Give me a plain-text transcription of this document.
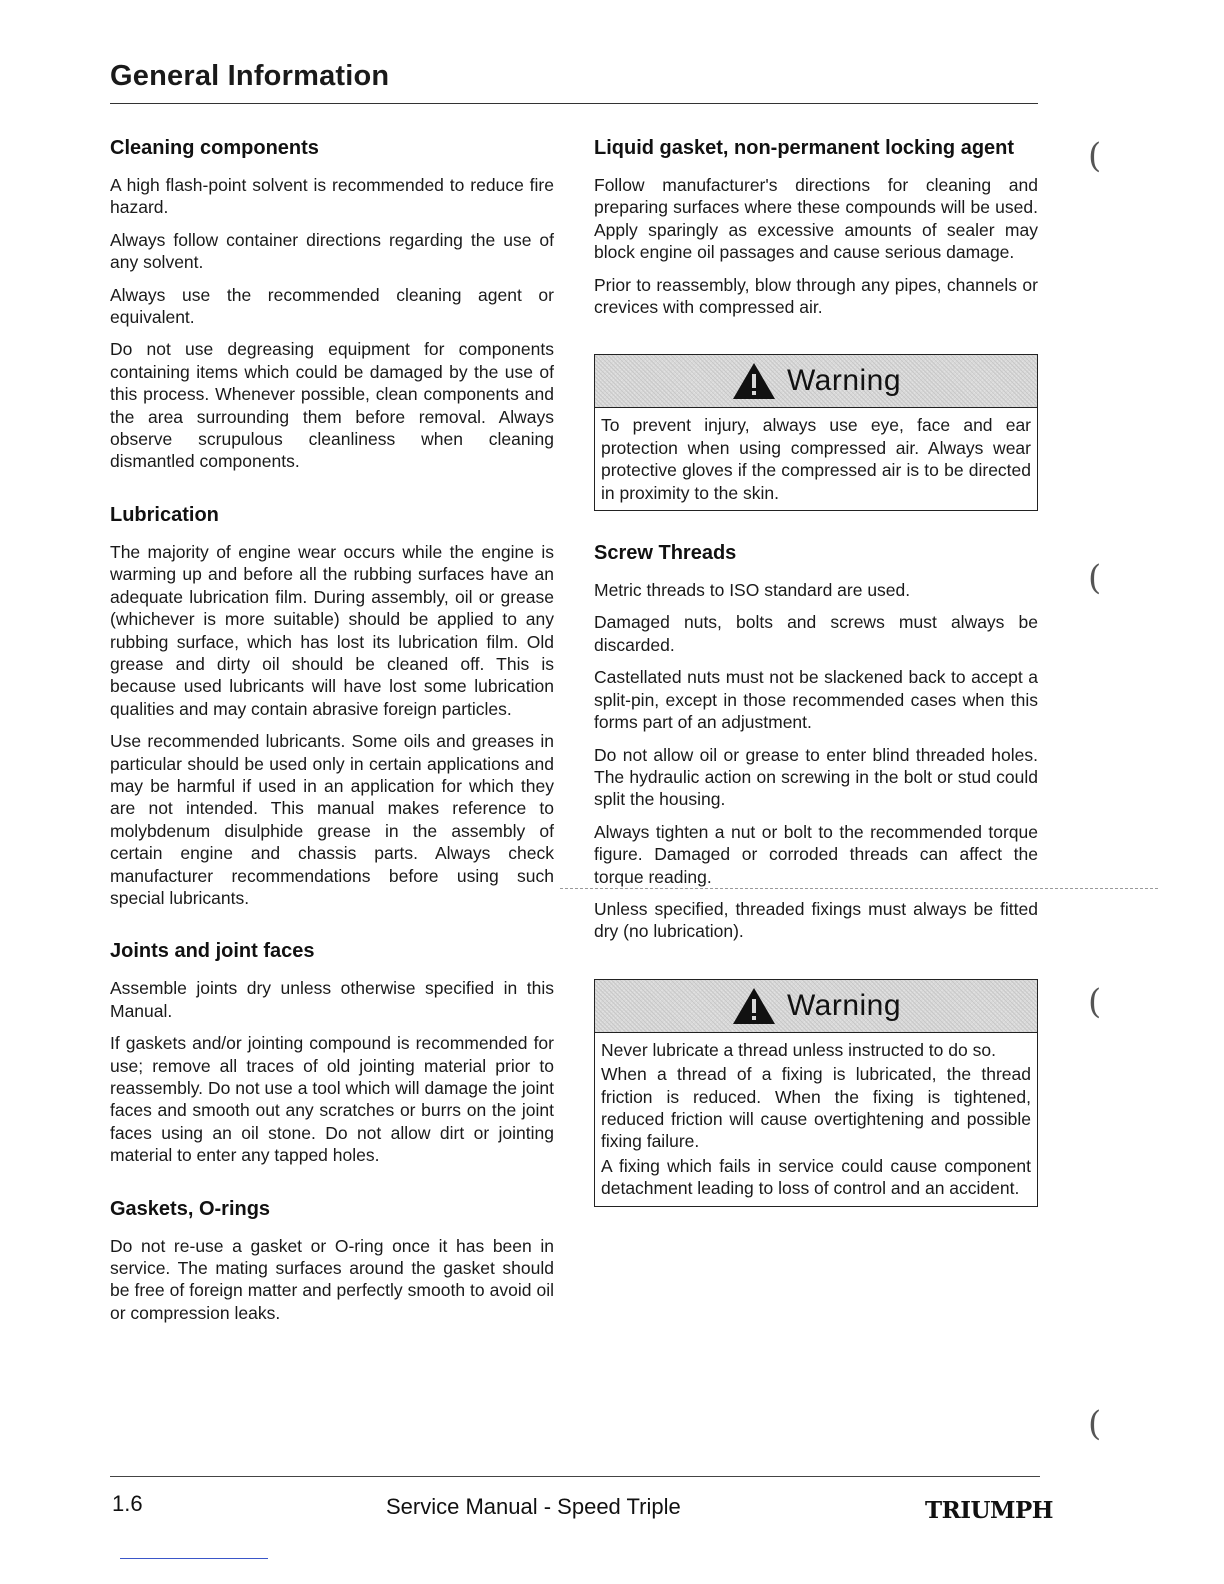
General Information
Cleaning components

A high flash-point solvent is recommended to reduce fire hazard.

Always follow container directions regarding the use of any solvent.

Always use the recommended cleaning agent or equivalent.

Do not use degreasing equipment for components containing items which could be damaged by the use of this process. Whenever possible, clean components and the area surrounding them before removal. Always observe scrupulous cleanliness when cleaning dismantled components.

Lubrication

The majority of engine wear occurs while the engine is warming up and before all the rubbing surfaces have an adequate lubrication film. During assembly, oil or grease (whichever is more suitable) should be applied to any rubbing surface, which has lost its lubrication film. Old grease and dirty oil should be cleaned off. This is because used lubricants will have lost some lubrication qualities and may contain abrasive foreign particles.

Use recommended lubricants. Some oils and greases in particular should be used only in certain applications and may be harmful if used in an application for which they are not intended. This manual makes reference to molybdenum disulphide grease in the assembly of certain engine and chassis parts. Always check manufacturer recommendations before using such special lubricants.

Joints and joint faces

Assemble joints dry unless otherwise specified in this Manual.

If gaskets and/or jointing compound is recommended for use; remove all traces of old jointing material prior to reassembly. Do not use a tool which will damage the joint faces and smooth out any scratches or burrs on the joint faces using an oil stone. Do not allow dirt or jointing material to enter any tapped holes.

Gaskets, O-rings

Do not re-use a gasket or O-ring once it has been in service. The mating surfaces around the gasket should be free of foreign matter and perfectly smooth to avoid oil or compression leaks.

Liquid gasket, non-permanent locking agent

Follow manufacturer's directions for cleaning and preparing surfaces where these compounds will be used. Apply sparingly as excessive amounts of sealer may block engine oil passages and cause serious damage.

Prior to reassembly, blow through any pipes, channels or crevices with compressed air.

Warning

To prevent injury, always use eye, face and ear protection when using compressed air. Always wear protective gloves if the compressed air is to be directed in proximity to the skin.

Screw Threads

Metric threads to ISO standard are used.

Damaged nuts, bolts and screws must always be discarded.

Castellated nuts must not be slackened back to accept a split-pin, except in those recommended cases when this forms part of an adjustment.

Do not allow oil or grease to enter blind threaded holes. The hydraulic action on screwing in the bolt or stud could split the housing.

Always tighten a nut or bolt to the recommended torque figure. Damaged or corroded threads can affect the torque reading.

Unless specified, threaded fixings must always be fitted dry (no lubrication).

Warning

Never lubricate a thread unless instructed to do so.

When a thread of a fixing is lubricated, the thread friction is reduced. When the fixing is tightened, reduced friction will cause overtightening and possible fixing failure.

A fixing which fails in service could cause component detachment leading to loss of control and an accident.

(
(
(
(
1.6	Service Manual - Speed Triple	TRIUMPH
